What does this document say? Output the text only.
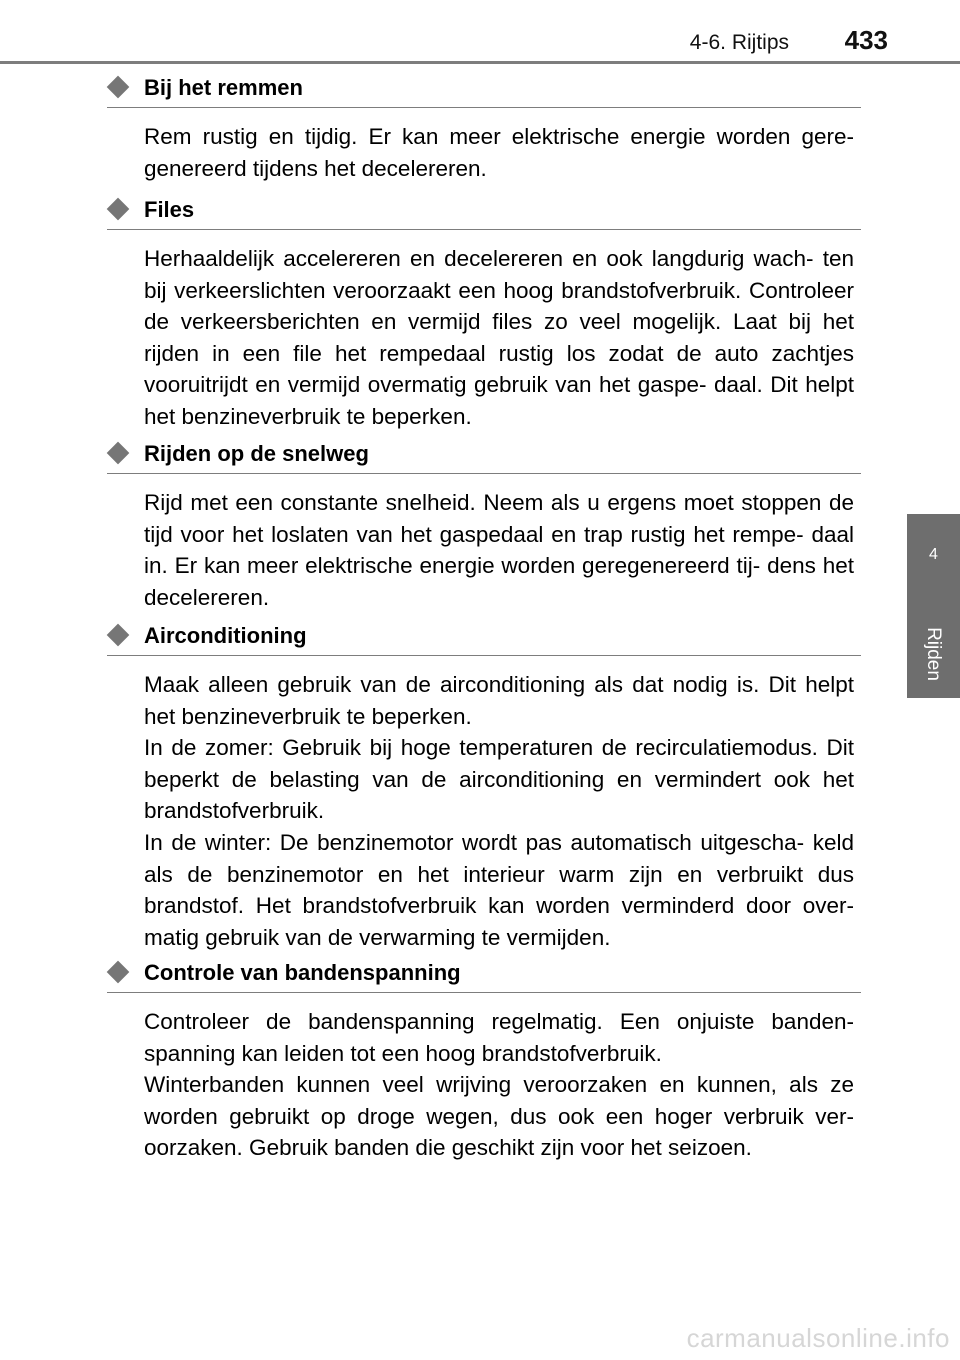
4-6. Rijtips 433
4
Rijden
Bij het remmen

Rem rustig en tijdig. Er kan meer elektrische energie worden gere- genereerd tijdens het decelereren.

Files

Herhaaldelijk accelereren en decelereren en ook langdurig wach- ten bij verkeerslichten veroorzaakt een hoog brandstofverbruik. Controleer de verkeersberichten en vermijd files zo veel mogelijk. Laat bij het rijden in een file het rempedaal rustig los zodat de auto zachtjes vooruitrijdt en vermijd overmatig gebruik van het gaspe- daal. Dit helpt het benzineverbruik te beperken.

Rijden op de snelweg

Rijd met een constante snelheid. Neem als u ergens moet stoppen de tijd voor het loslaten van het gaspedaal en trap rustig het rempe- daal in. Er kan meer elektrische energie worden geregenereerd tij- dens het decelereren.

Airconditioning

Maak alleen gebruik van de airconditioning als dat nodig is. Dit helpt het benzineverbruik te beperken.

In de zomer: Gebruik bij hoge temperaturen de recirculatiemodus. Dit beperkt de belasting van de airconditioning en vermindert ook het brandstofverbruik.

In de winter: De benzinemotor wordt pas automatisch uitgescha- keld als de benzinemotor en het interieur warm zijn en verbruikt dus brandstof. Het brandstofverbruik kan worden verminderd door over- matig gebruik van de verwarming te vermijden.

Controle van bandenspanning

Controleer de bandenspanning regelmatig. Een onjuiste banden- spanning kan leiden tot een hoog brandstofverbruik.

Winterbanden kunnen veel wrijving veroorzaken en kunnen, als ze worden gebruikt op droge wegen, dus ook een hoger verbruik ver- oorzaken. Gebruik banden die geschikt zijn voor het seizoen.

carmanualsonline.info
